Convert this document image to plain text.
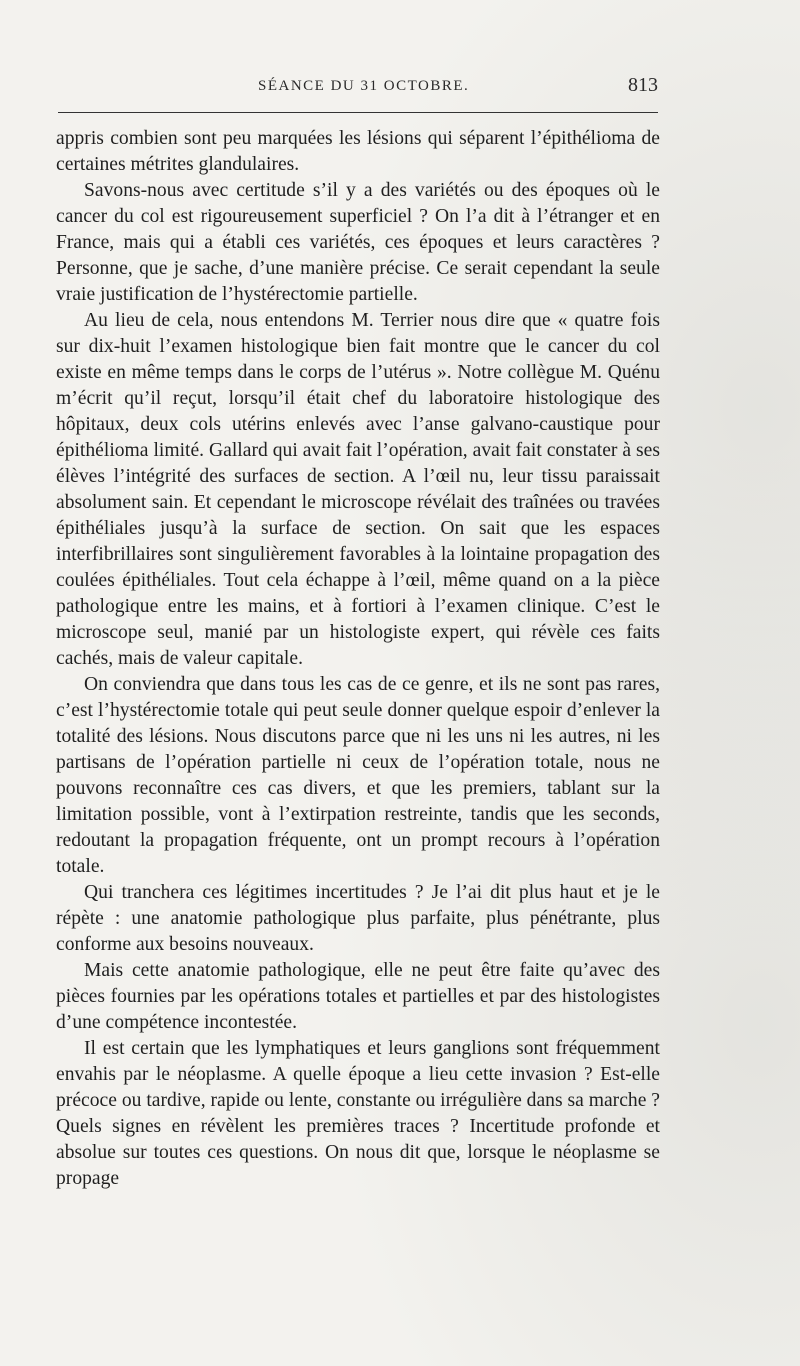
SÉANCE DU 31 OCTOBRE.	813

appris combien sont peu marquées les lésions qui séparent l’épithélioma de certaines métrites glandulaires.

Savons-nous avec certitude s’il y a des variétés ou des époques où le cancer du col est rigoureusement superficiel ? On l’a dit à l’étranger et en France, mais qui a établi ces variétés, ces époques et leurs caractères ? Personne, que je sache, d’une manière précise. Ce serait cependant la seule vraie justification de l’hystérectomie partielle.

Au lieu de cela, nous entendons M. Terrier nous dire que « quatre fois sur dix-huit l’examen histologique bien fait montre que le cancer du col existe en même temps dans le corps de l’utérus ». Notre collègue M. Quénu m’écrit qu’il reçut, lorsqu’il était chef du laboratoire histologique des hôpitaux, deux cols utérins enlevés avec l’anse galvano-caustique pour épithélioma limité. Gallard qui avait fait l’opération, avait fait constater à ses élèves l’intégrité des surfaces de section. A l’œil nu, leur tissu paraissait absolument sain. Et cependant le microscope révélait des traînées ou travées épithéliales jusqu’à la surface de section. On sait que les espaces interfibrillaires sont singulièrement favorables à la lointaine propagation des coulées épithéliales. Tout cela échappe à l’œil, même quand on a la pièce pathologique entre les mains, et à fortiori à l’examen clinique. C’est le microscope seul, manié par un histologiste expert, qui révèle ces faits cachés, mais de valeur capitale.

On conviendra que dans tous les cas de ce genre, et ils ne sont pas rares, c’est l’hystérectomie totale qui peut seule donner quelque espoir d’enlever la totalité des lésions. Nous discutons parce que ni les uns ni les autres, ni les partisans de l’opération partielle ni ceux de l’opération totale, nous ne pouvons reconnaître ces cas divers, et que les premiers, tablant sur la limitation possible, vont à l’extirpation restreinte, tandis que les seconds, redoutant la propagation fréquente, ont un prompt recours à l’opération totale.

Qui tranchera ces légitimes incertitudes ? Je l’ai dit plus haut et je le répète : une anatomie pathologique plus parfaite, plus pénétrante, plus conforme aux besoins nouveaux.

Mais cette anatomie pathologique, elle ne peut être faite qu’avec des pièces fournies par les opérations totales et partielles et par des histologistes d’une compétence incontestée.

Il est certain que les lymphatiques et leurs ganglions sont fréquemment envahis par le néoplasme. A quelle époque a lieu cette invasion ? Est-elle précoce ou tardive, rapide ou lente, constante ou irrégulière dans sa marche ? Quels signes en révèlent les premières traces ? Incertitude profonde et absolue sur toutes ces questions. On nous dit que, lorsque le néoplasme se propage
